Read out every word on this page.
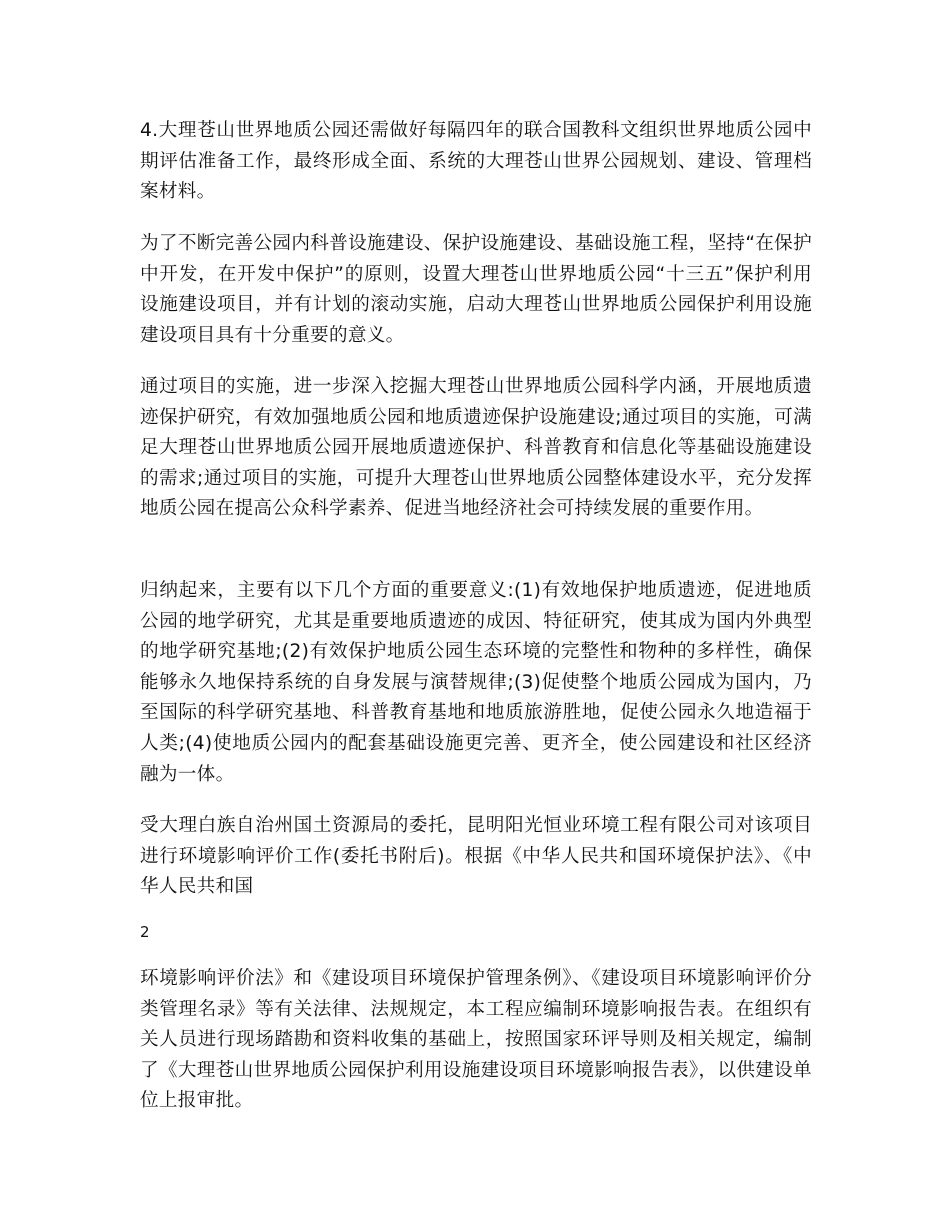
4.大理苍山世界地质公园还需做好每隔四年的联合国教科文组织世界地质公园中期评估准备工作，最终形成全面、系统的大理苍山世界公园规划、建设、管理档案材料。

为了不断完善公园内科普设施建设、保护设施建设、基础设施工程，坚持“在保护中开发，在开发中保护”的原则，设置大理苍山世界地质公园“十三五”保护利用设施建设项目，并有计划的滚动实施，启动大理苍山世界地质公园保护利用设施建设项目具有十分重要的意义。

通过项目的实施，进一步深入挖掘大理苍山世界地质公园科学内涵，开展地质遗迹保护研究，有效加强地质公园和地质遗迹保护设施建设;通过项目的实施，可满足大理苍山世界地质公园开展地质遗迹保护、科普教育和信息化等基础设施建设的需求;通过项目的实施，可提升大理苍山世界地质公园整体建设水平，充分发挥地质公园在提高公众科学素养、促进当地经济社会可持续发展的重要作用。

归纳起来，主要有以下几个方面的重要意义:(1)有效地保护地质遗迹，促进地质公园的地学研究，尤其是重要地质遗迹的成因、特征研究，使其成为国内外典型的地学研究基地;(2)有效保护地质公园生态环境的完整性和物种的多样性，确保能够永久地保持系统的自身发展与演替规律;(3)促使整个地质公园成为国内，乃至国际的科学研究基地、科普教育基地和地质旅游胜地，促使公园永久地造福于人类;(4)使地质公园内的配套基础设施更完善、更齐全，使公园建设和社区经济融为一体。

受大理白族自治州国土资源局的委托，昆明阳光恒业环境工程有限公司对该项目进行环境影响评价工作(委托书附后)。根据《中华人民共和国环境保护法》、《中华人民共和国

2

环境影响评价法》和《建设项目环境保护管理条例》、《建设项目环境影响评价分类管理名录》等有关法律、法规规定，本工程应编制环境影响报告表。在组织有关人员进行现场踏勘和资料收集的基础上，按照国家环评导则及相关规定，编制了《大理苍山世界地质公园保护利用设施建设项目环境影响报告表》，以供建设单位上报审批。
